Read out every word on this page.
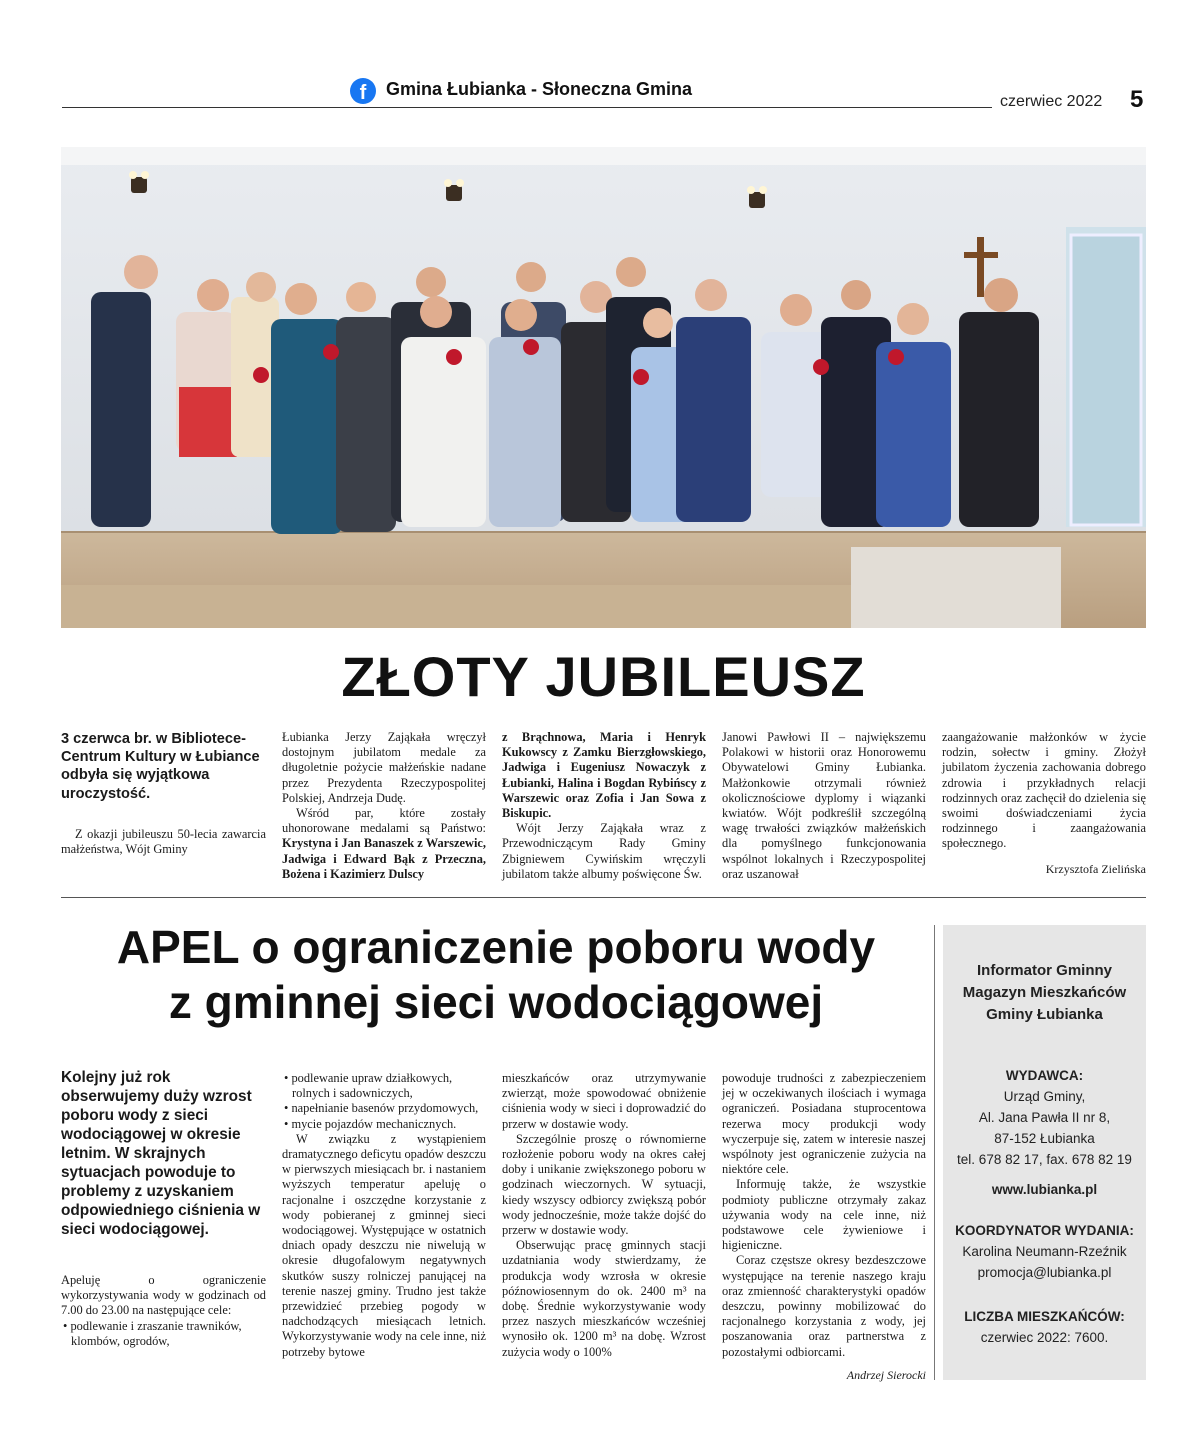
f	Gmina Łubianka - Słoneczna Gmina
czerwiec 2022 5
ZŁOTY JUBILEUSZ

3 czerwca br. w Bibliotece-Centrum Kultury w Łubiance odbyła się wyjątkowa uroczystość.

Z okazji jubileuszu 50-lecia zawarcia małżeństwa, Wójt Gminy

Łubianka Jerzy Zająkała wręczył dostojnym jubilatom medale za długoletnie pożycie małżeńskie nadane przez Prezydenta Rzeczypospolitej Polskiej, Andrzeja Dudę.

Wśród par, które zostały uhonorowane medalami są Państwo: Krystyna i Jan Banaszek z Warszewic, Jadwiga i Edward Bąk z Przeczna, Bożena i Kazimierz Dulscy

z Brąchnowa, Maria i Henryk Kukowscy z Zamku Bierzgłowskiego, Jadwiga i Eugeniusz Nowaczyk z Łubianki, Halina i Bogdan Rybińscy z Warszewic oraz Zofia i Jan Sowa z Biskupic.

Wójt Jerzy Zająkała wraz z Przewodniczącym Rady Gminy Zbigniewem Cywińskim wręczyli jubilatom także albumy poświęcone Św.

Janowi Pawłowi II – największemu Polakowi w historii oraz Honorowemu Obywatelowi Gminy Łubianka. Małżonkowie otrzymali również okolicznościowe dyplomy i wiązanki kwiatów. Wójt podkreślił szczególną wagę trwałości związków małżeńskich dla pomyślnego funkcjonowania wspólnot lokalnych i Rzeczypospolitej oraz uszanował

zaangażowanie małżonków w życie rodzin, sołectw i gminy. Złożył jubilatom życzenia zachowania dobrego zdrowia i przykładnych relacji rodzinnych oraz zachęcił do dzielenia się swoimi doświadczeniami życia rodzinnego i zaangażowania społecznego.

Krzysztofa Zielińska
APEL o ograniczenie poboru wody
z gminnej sieci wodociągowej

Kolejny już rok obserwujemy duży wzrost poboru wody z sieci wodociągowej w okresie letnim. W skrajnych sytuacjach powoduje to problemy z uzyskaniem odpowiedniego ciśnienia w sieci wodociągowej.

Apeluję o ograniczenie wykorzystywania wody w godzinach od 7.00 do 23.00 na następujące cele:

• podlewanie i zraszanie trawników, klombów, ogrodów,

• podlewanie upraw działkowych, rolnych i sadowniczych,

• napełnianie basenów przydomowych,

• mycie pojazdów mechanicznych.

W związku z wystąpieniem dramatycznego deficytu opadów deszczu w pierwszych miesiącach br. i nastaniem wyższych temperatur apeluję o racjonalne i oszczędne korzystanie z wody pobieranej z gminnej sieci wodociągowej. Występujące w ostatnich dniach opady deszczu nie niwelują w okresie długofalowym negatywnych skutków suszy rolniczej panującej na terenie naszej gminy. Trudno jest także przewidzieć przebieg pogody w nadchodzących miesiącach letnich. Wykorzystywanie wody na cele inne, niż potrzeby bytowe

mieszkańców oraz utrzymywanie zwierząt, może spowodować obniżenie ciśnienia wody w sieci i doprowadzić do przerw w dostawie wody.

Szczególnie proszę o równomierne rozłożenie poboru wody na okres całej doby i unikanie zwiększonego poboru w godzinach wieczornych. W sytuacji, kiedy wszyscy odbiorcy zwiększą pobór wody jednocześnie, może także dojść do przerw w dostawie wody.

Obserwując pracę gminnych stacji uzdatniania wody stwierdzamy, że produkcja wody wzrosła w okresie późnowiosennym do ok. 2400 m³ na dobę. Średnie wykorzystywanie wody przez naszych mieszkańców wcześniej wynosiło ok. 1200 m³ na dobę. Wzrost zużycia wody o 100%

powoduje trudności z zabezpieczeniem jej w oczekiwanych ilościach i wymaga ograniczeń. Posiadana stuprocentowa rezerwa mocy produkcji wody wyczerpuje się, zatem w interesie naszej wspólnoty jest ograniczenie zużycia na niektóre cele.

Informuję także, że wszystkie podmioty publiczne otrzymały zakaz używania wody na cele inne, niż podstawowe cele żywieniowe i higieniczne.

Coraz częstsze okresy bezdeszczowe występujące na terenie naszego kraju oraz zmienność charakterystyki opadów deszczu, powinny mobilizować do racjonalnego korzystania z wody, jej poszanowania oraz partnerstwa z pozostałymi odbiorcami.

Andrzej Sierocki
Informator Gminny
Magazyn Mieszkańców
Gminy Łubianka
WYDAWCA:
Urząd Gminy,
Al. Jana Pawła II nr 8,
87-152 Łubianka
tel. 678 82 17, fax. 678 82 19
www.lubianka.pl
KOORDYNATOR WYDANIA:
Karolina Neumann-Rzeźnik
promocja@lubianka.pl
LICZBA MIESZKAŃCÓW:
czerwiec 2022: 7600.
